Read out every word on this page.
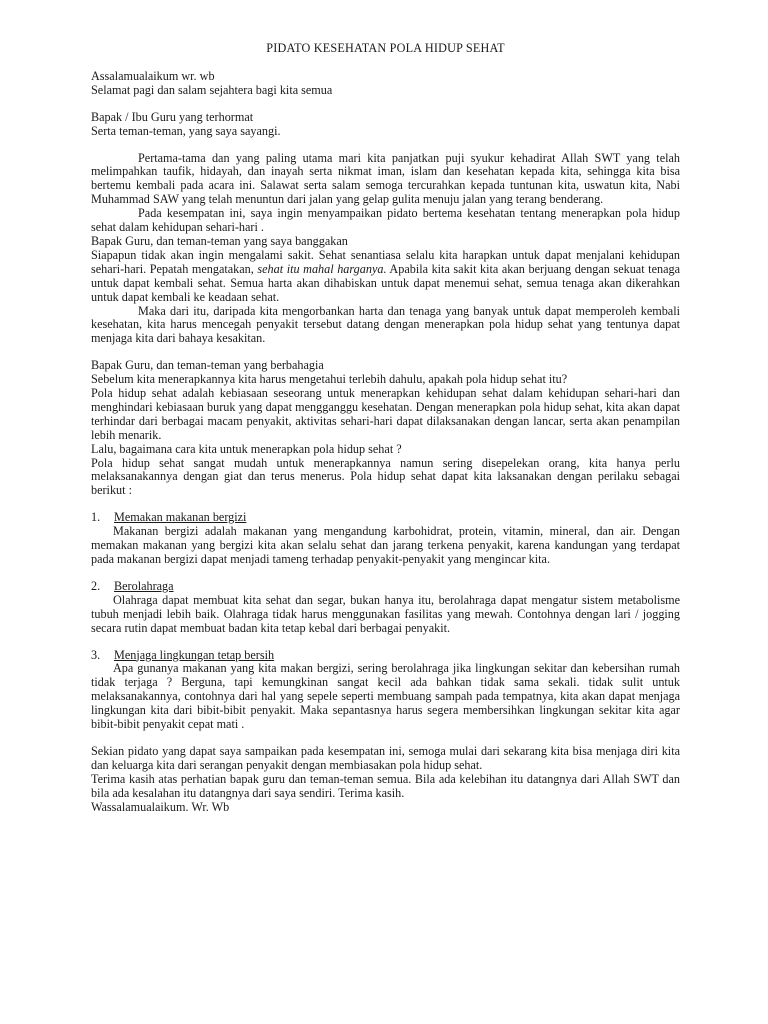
PIDATO KESEHATAN POLA HIDUP SEHAT
Assalamualaikum wr. wb
Selamat pagi dan salam sejahtera bagi kita semua
Bapak / Ibu Guru yang terhormat
Serta teman-teman, yang saya sayangi.

Pertama-tama dan yang paling utama mari kita panjatkan puji syukur kehadirat Allah SWT yang telah melimpahkan taufik, hidayah, dan inayah serta nikmat iman, islam dan kesehatan kepada kita, sehingga kita bisa bertemu kembali pada acara ini. Salawat serta salam semoga tercurahkan kepada tuntunan kita, uswatun kita, Nabi Muhammad SAW yang telah menuntun dari jalan yang gelap gulita menuju jalan yang terang benderang.

Pada kesempatan ini, saya ingin menyampaikan pidato bertema kesehatan tentang menerapkan pola hidup sehat dalam kehidupan sehari-hari .

Bapak Guru, dan teman-teman yang saya banggakan

Siapapun tidak akan ingin mengalami sakit. Sehat senantiasa selalu kita harapkan untuk dapat menjalani kehidupan sehari-hari. Pepatah mengatakan, sehat itu mahal harganya. Apabila kita sakit kita akan berjuang dengan sekuat tenaga untuk dapat kembali sehat. Semua harta akan dihabiskan untuk dapat menemui sehat, semua tenaga akan dikerahkan untuk dapat kembali ke keadaan sehat.

Maka dari itu, daripada kita mengorbankan harta dan tenaga yang banyak untuk dapat memperoleh kembali kesehatan, kita harus mencegah penyakit tersebut datang dengan menerapkan pola hidup sehat yang tentunya dapat menjaga kita dari bahaya kesakitan.

Bapak Guru, dan teman-teman yang berbahagia

Sebelum kita menerapkannya kita harus mengetahui terlebih dahulu, apakah pola hidup sehat itu?

Pola hidup sehat adalah kebiasaan seseorang untuk menerapkan kehidupan sehat dalam kehidupan sehari-hari dan menghindari kebiasaan buruk yang dapat mengganggu kesehatan. Dengan menerapkan pola hidup sehat, kita akan dapat terhindar dari berbagai macam penyakit, aktivitas sehari-hari dapat dilaksanakan dengan lancar, serta akan penampilan lebih menarik.

Lalu, bagaimana cara kita untuk menerapkan pola hidup sehat ?

Pola hidup sehat sangat mudah untuk menerapkannya namun sering disepelekan orang, kita hanya perlu melaksanakannya dengan giat dan terus menerus. Pola hidup sehat dapat kita laksanakan dengan perilaku sebagai berikut :

1.	Memakan makanan bergizi

Makanan bergizi adalah makanan yang mengandung karbohidrat, protein, vitamin, mineral, dan air. Dengan memakan makanan yang bergizi kita akan selalu sehat dan jarang terkena penyakit, karena kandungan yang terdapat pada makanan bergizi dapat menjadi tameng terhadap penyakit-penyakit yang mengincar kita.

2.	Berolahraga

Olahraga dapat membuat kita sehat dan segar, bukan hanya itu, berolahraga dapat mengatur sistem metabolisme tubuh menjadi lebih baik. Olahraga tidak harus menggunakan fasilitas yang mewah. Contohnya dengan lari / jogging secara rutin dapat membuat badan kita tetap kebal dari berbagai penyakit.

3.	Menjaga lingkungan tetap bersih

Apa gunanya makanan yang kita makan bergizi, sering berolahraga jika lingkungan sekitar dan kebersihan rumah tidak terjaga ? Berguna, tapi kemungkinan sangat kecil ada bahkan tidak sama sekali. tidak sulit untuk melaksanakannya, contohnya dari hal yang sepele seperti membuang sampah pada tempatnya, kita akan dapat menjaga lingkungan kita dari bibit-bibit penyakit. Maka sepantasnya harus segera membersihkan lingkungan sekitar kita agar bibit-bibit penyakit cepat mati .

Sekian pidato yang dapat saya sampaikan pada kesempatan ini, semoga mulai dari sekarang kita bisa menjaga diri kita dan keluarga kita dari serangan penyakit dengan membiasakan pola hidup sehat.

Terima kasih atas perhatian bapak guru dan teman-teman semua. Bila ada kelebihan itu datangnya dari Allah SWT dan bila ada kesalahan itu datangnya dari saya sendiri. Terima kasih.

Wassalamualaikum. Wr. Wb
